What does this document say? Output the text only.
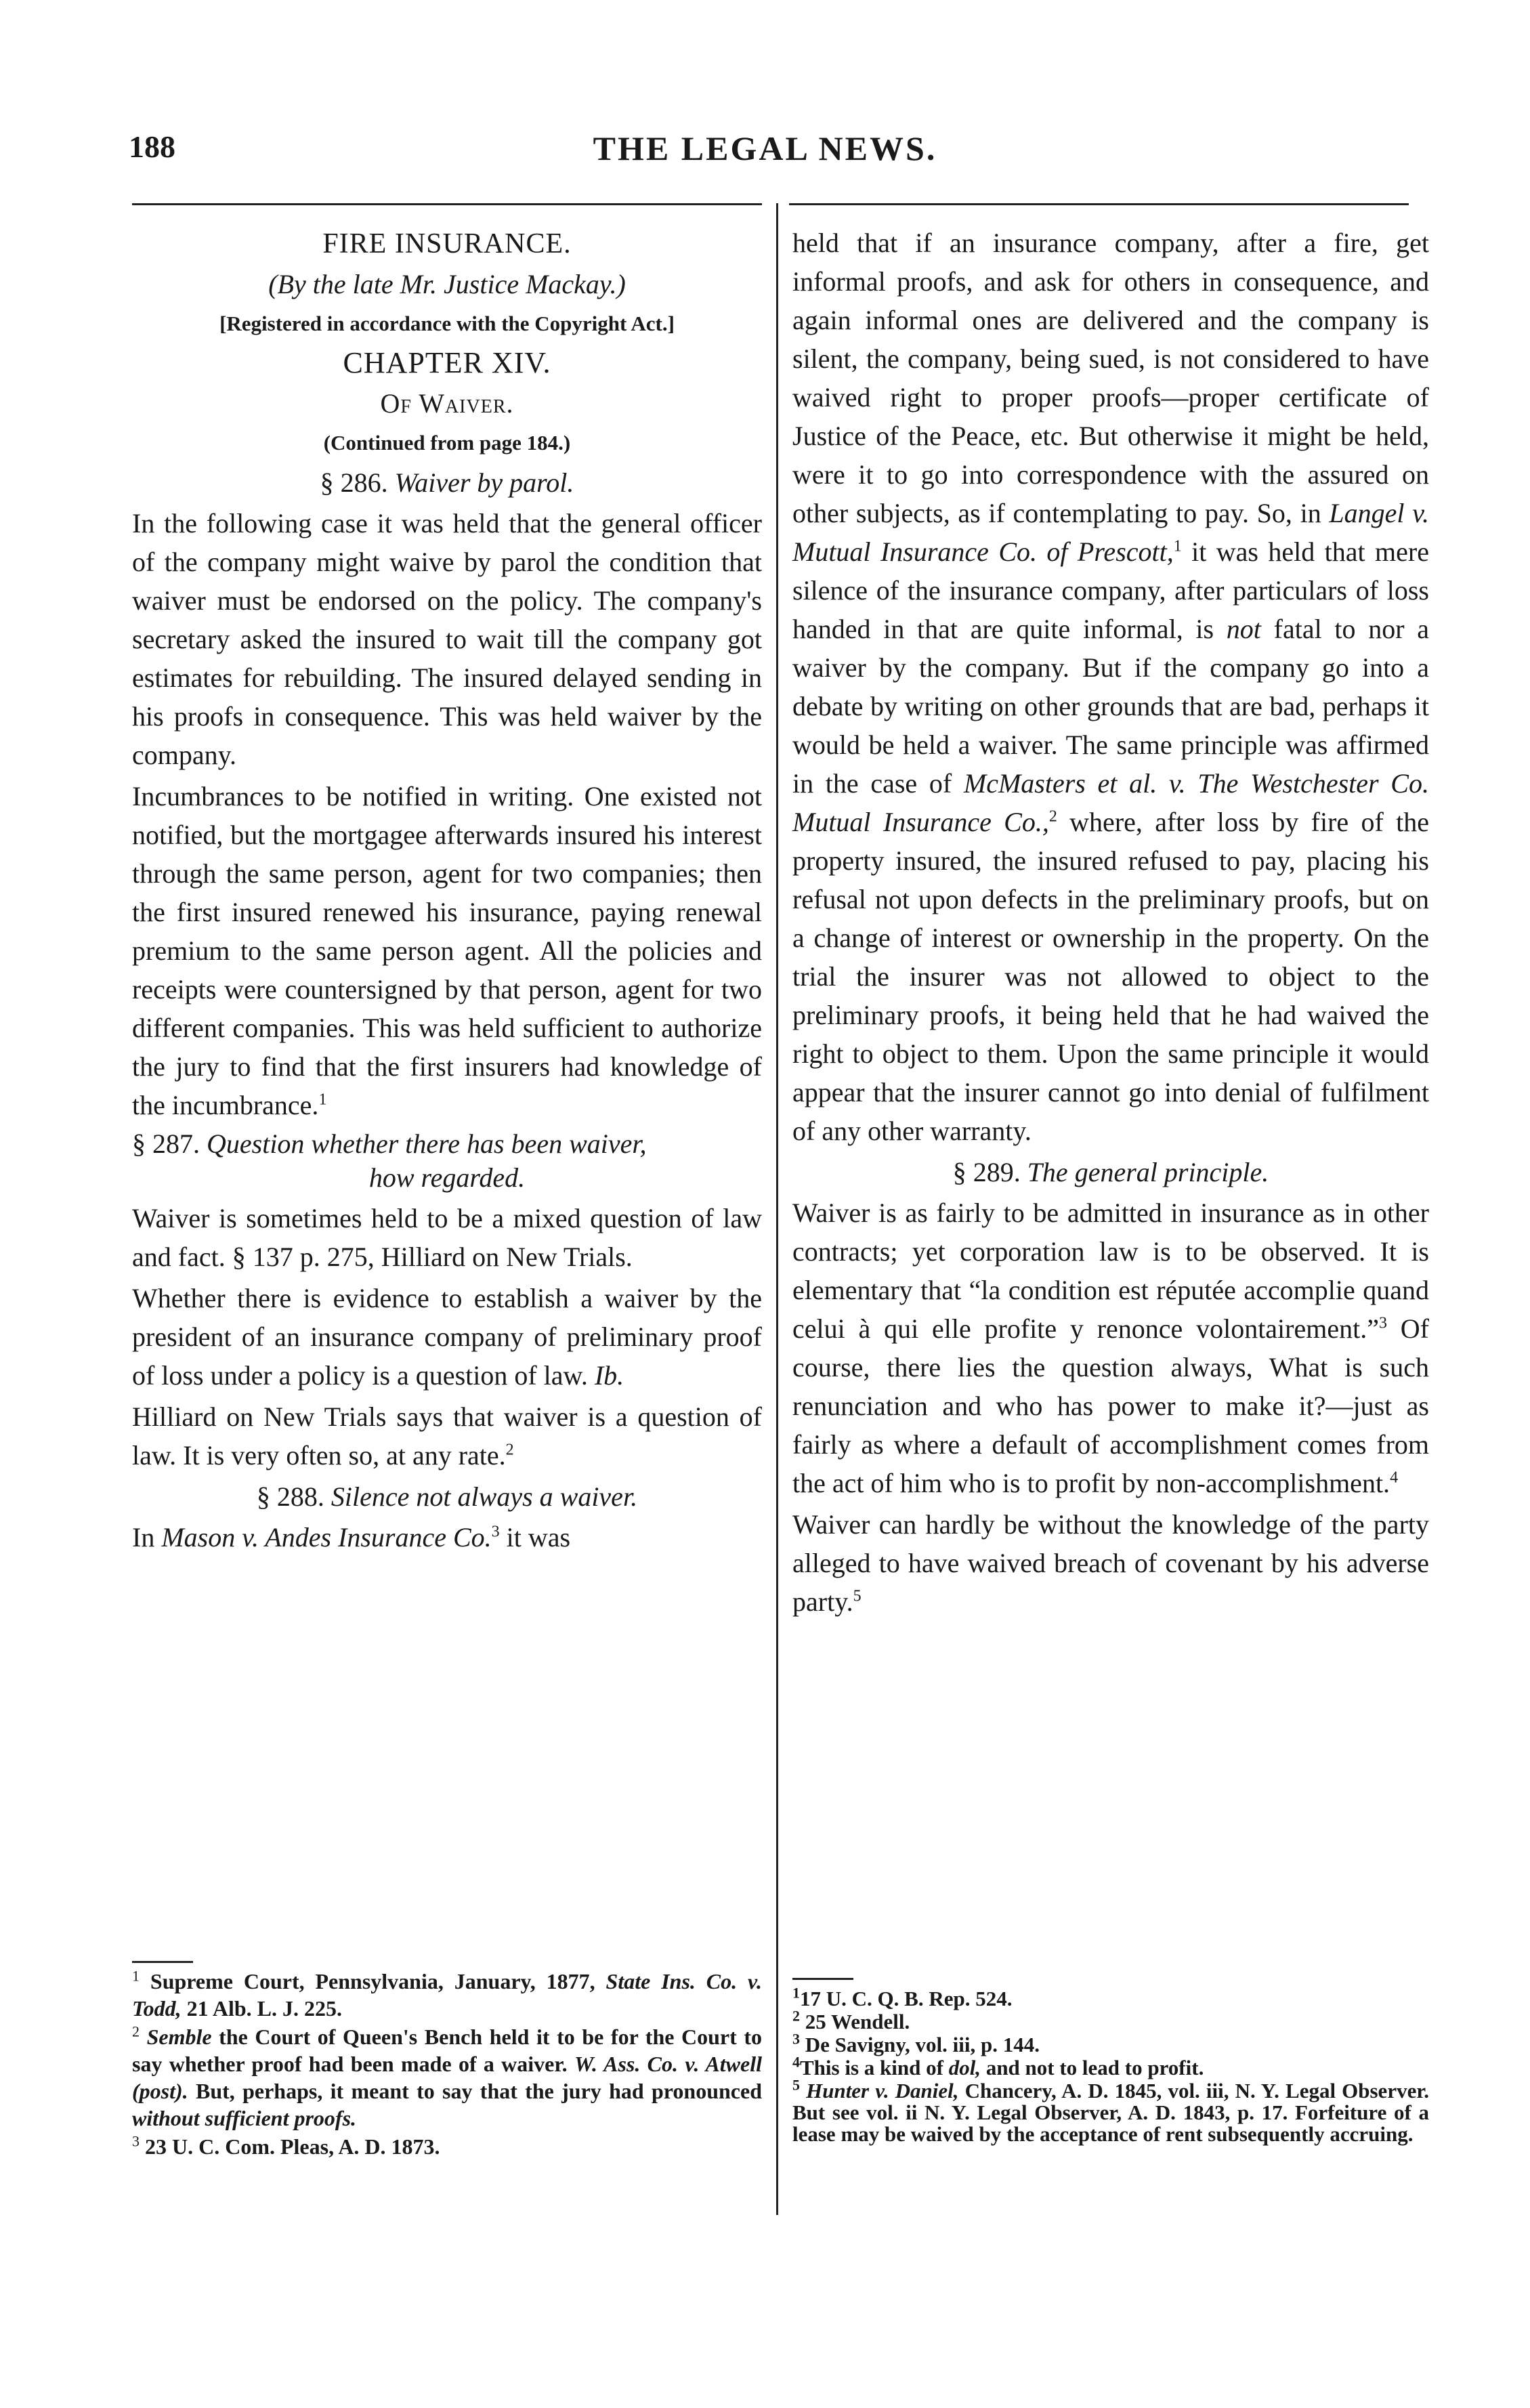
188	THE LEGAL NEWS.

FIRE INSURANCE.

(By the late Mr. Justice Mackay.)

[Registered in accordance with the Copyright Act.]

CHAPTER XIV.

Of Waiver.

(Continued from page 184.)

§ 286. Waiver by parol.

In the following case it was held that the general officer of the company might waive by parol the condition that waiver must be endorsed on the policy. The company's secretary asked the insured to wait till the company got estimates for rebuilding. The insured delayed sending in his proofs in consequence. This was held waiver by the company.

Incumbrances to be notified in writing. One existed not notified, but the mortgagee afterwards insured his interest through the same person, agent for two companies; then the first insured renewed his insurance, paying renewal premium to the same person agent. All the policies and receipts were countersigned by that person, agent for two different companies. This was held sufficient to authorize the jury to find that the first insurers had knowledge of the incumbrance.$^1$

§ 287. Question whether there has been waiver,
how regarded.

Waiver is sometimes held to be a mixed question of law and fact. § 137 p. 275, Hilliard on New Trials.

Whether there is evidence to establish a waiver by the president of an insurance company of preliminary proof of loss under a policy is a question of law. Ib.

Hilliard on New Trials says that waiver is a question of law. It is very often so, at any rate.$^2$

§ 288. Silence not always a waiver.

In Mason v. Andes Insurance Co.$^3$ it was

$^1$ Supreme Court, Pennsylvania, January, 1877, State Ins. Co. v. Todd, 21 Alb. L. J. 225.

$^2$ Semble the Court of Queen's Bench held it to be for the Court to say whether proof had been made of a waiver. W. Ass. Co. v. Atwell (post). But, perhaps, it meant to say that the jury had pronounced without sufficient proofs.

$^3$ 23 U. C. Com. Pleas, A. D. 1873.

held that if an insurance company, after a fire, get informal proofs, and ask for others in consequence, and again informal ones are delivered and the company is silent, the company, being sued, is not considered to have waived right to proper proofs—proper certificate of Justice of the Peace, etc. But otherwise it might be held, were it to go into correspondence with the assured on other subjects, as if contemplating to pay. So, in Langel v. Mutual Insurance Co. of Prescott,$^1$ it was held that mere silence of the insurance company, after particulars of loss handed in that are quite informal, is not fatal to nor a waiver by the company. But if the company go into a debate by writing on other grounds that are bad, perhaps it would be held a waiver. The same principle was affirmed in the case of McMasters et al. v. The Westchester Co. Mutual Insurance Co.,$^2$ where, after loss by fire of the property insured, the insured refused to pay, placing his refusal not upon defects in the preliminary proofs, but on a change of interest or ownership in the property. On the trial the insurer was not allowed to object to the preliminary proofs, it being held that he had waived the right to object to them. Upon the same principle it would appear that the insurer cannot go into denial of fulfilment of any other warranty.

§ 289. The general principle.

Waiver is as fairly to be admitted in insurance as in other contracts; yet corporation law is to be observed. It is elementary that “la condition est réputée accomplie quand celui à qui elle profite y renonce volontairement.”$^3$ Of course, there lies the question always, What is such renunciation and who has power to make it?—just as fairly as where a default of accomplishment comes from the act of him who is to profit by non-accomplishment.$^4$

Waiver can hardly be without the knowledge of the party alleged to have waived breach of covenant by his adverse party.$^5$

$^1$17 U. C. Q. B. Rep. 524.

$^2$ 25 Wendell.

$^3$ De Savigny, vol. iii, p. 144.

$^4$This is a kind of dol, and not to lead to profit.

$^5$ Hunter v. Daniel, Chancery, A. D. 1845, vol. iii, N. Y. Legal Observer. But see vol. ii N. Y. Legal Observer, A. D. 1843, p. 17. Forfeiture of a lease may be waived by the acceptance of rent subsequently accruing.
